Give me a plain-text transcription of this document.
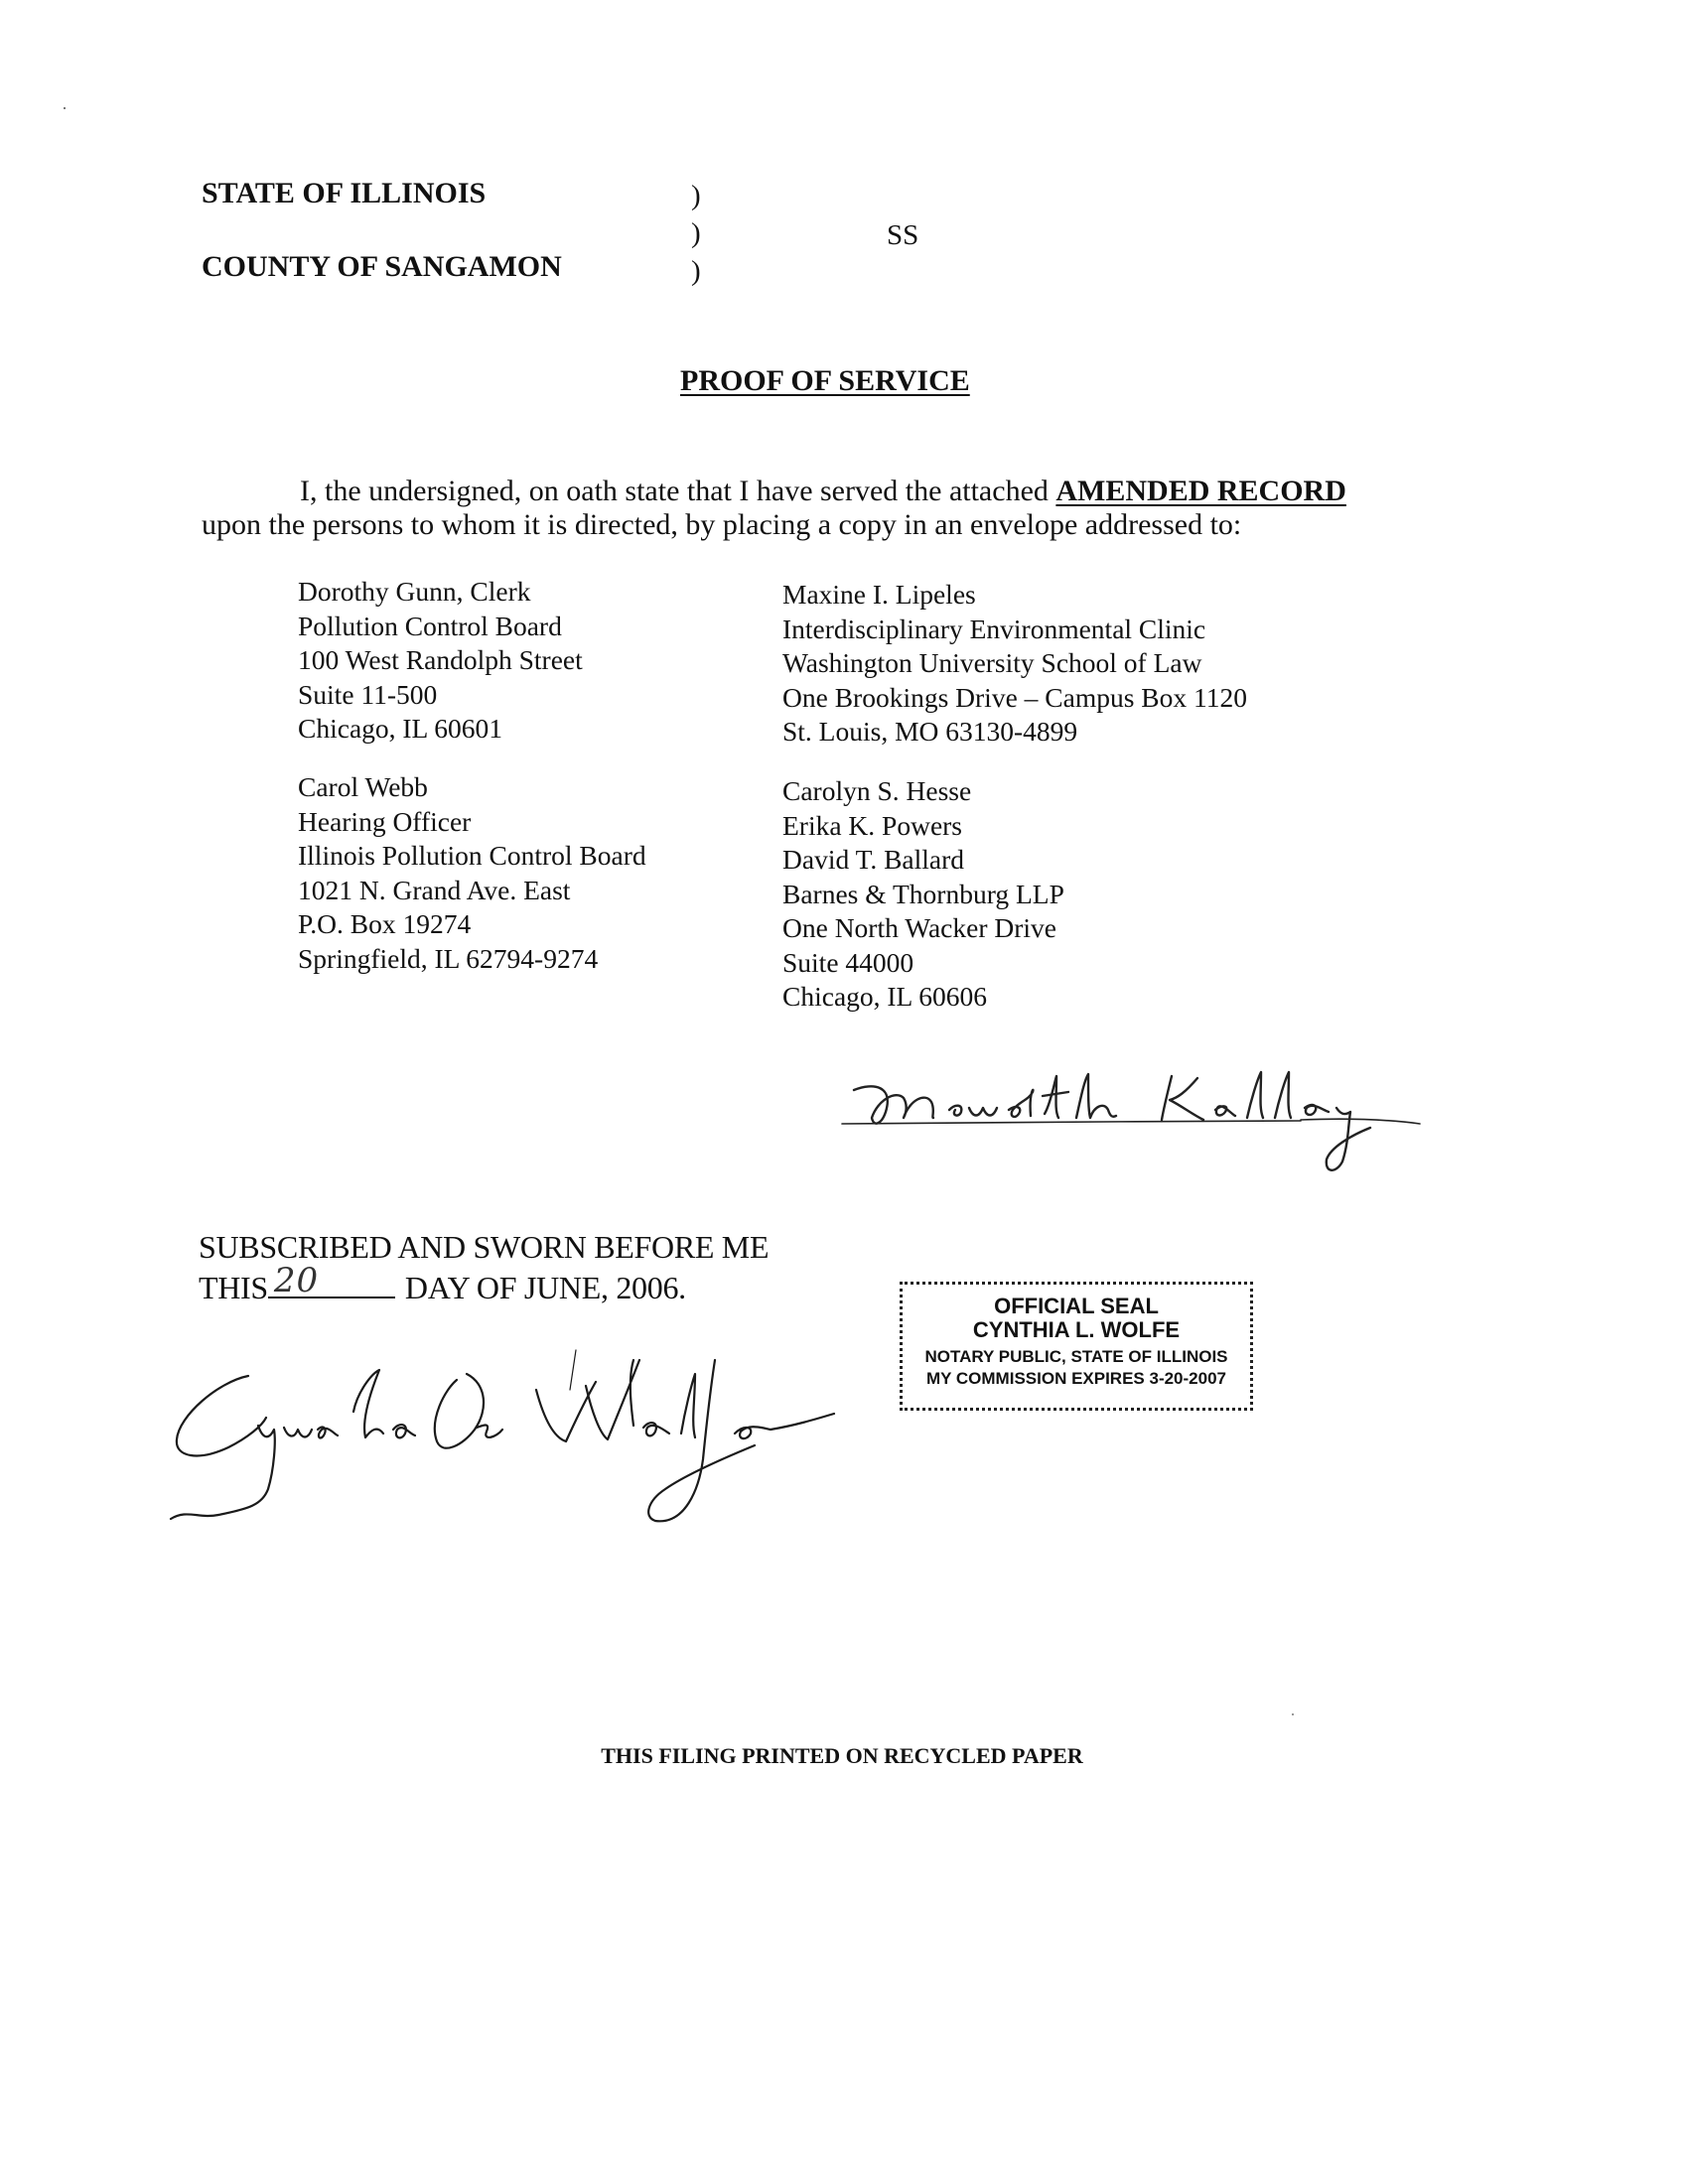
STATE OF ILLINOIS
COUNTY OF SANGAMON
)
)
)
SS
PROOF OF SERVICE
I, the undersigned, on oath state that I have served the attached AMENDED RECORD
upon the persons to whom it is directed, by placing a copy in an envelope addressed to:
Dorothy Gunn, Clerk
Pollution Control Board
100 West Randolph Street
Suite 11-500
Chicago, IL 60601
Carol Webb
Hearing Officer
Illinois Pollution Control Board
1021 N. Grand Ave. East
P.O. Box 19274
Springfield, IL 62794-9274
Maxine I. Lipeles
Interdisciplinary Environmental Clinic
Washington University School of Law
One Brookings Drive – Campus Box 1120
St. Louis, MO 63130-4899
Carolyn S. Hesse
Erika K. Powers
David T. Ballard
Barnes & Thornburg LLP
One North Wacker Drive
Suite 44000
Chicago, IL 60606
SUBSCRIBED AND SWORN BEFORE ME
THIS 20	DAY OF JUNE, 2006.
OFFICIAL SEAL
CYNTHIA L. WOLFE
NOTARY PUBLIC, STATE OF ILLINOIS
MY COMMISSION EXPIRES 3-20-2007
THIS FILING PRINTED ON RECYCLED PAPER
